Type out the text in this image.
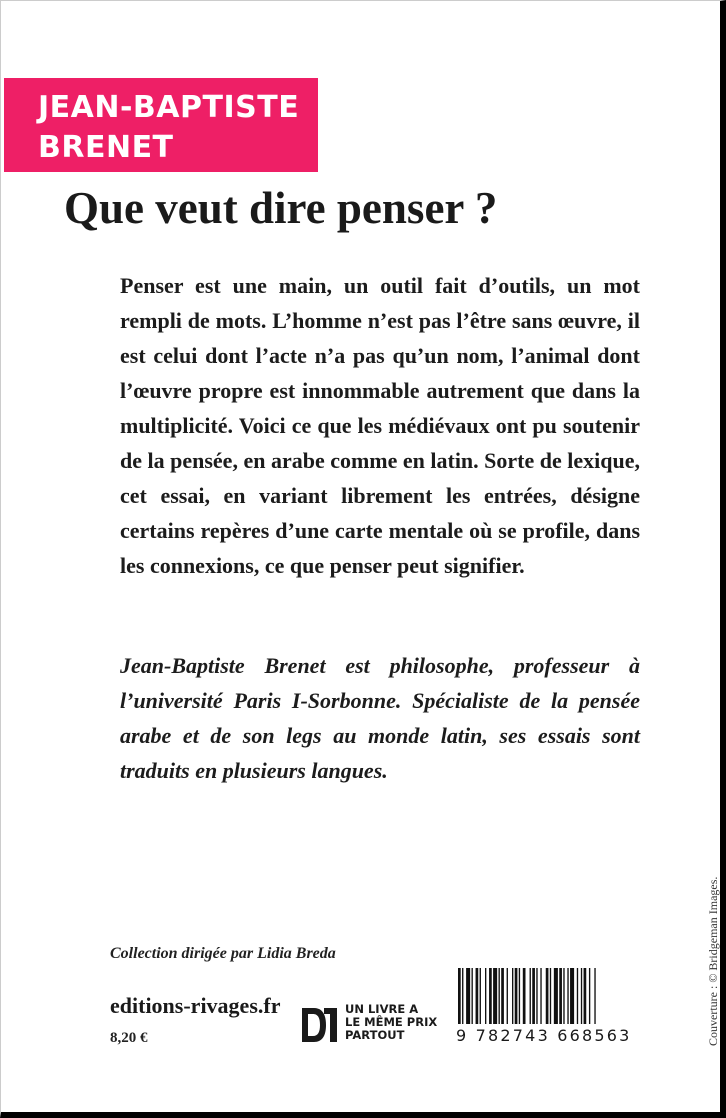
JEAN-BAPTISTE
BRENET
Que veut dire penser ?
Penser est une main, un outil fait d’outils, un mot rempli de mots. L’homme n’est pas l’être sans œuvre, il est celui dont l’acte n’a pas qu’un nom, l’animal dont l’œuvre propre est innommable autrement que dans la multiplicité. Voici ce que les médiévaux ont pu soutenir de la pensée, en arabe comme en latin. Sorte de lexique, cet essai, en variant librement les entrées, désigne certains repères d’une carte mentale où se profile, dans les connexions, ce que penser peut signifier.
Jean-Baptiste Brenet est philosophe, professeur à l’université Paris I-Sorbonne. Spécialiste de la pensée arabe et de son legs au monde latin, ses essais sont traduits en plusieurs langues.
Collection dirigée par Lidia Breda
editions-rivages.fr
8,20 €
UN LIVRE A
LE MÊME PRIX
PARTOUT	9 782743 668563	Couverture : © Bridgeman Images.
